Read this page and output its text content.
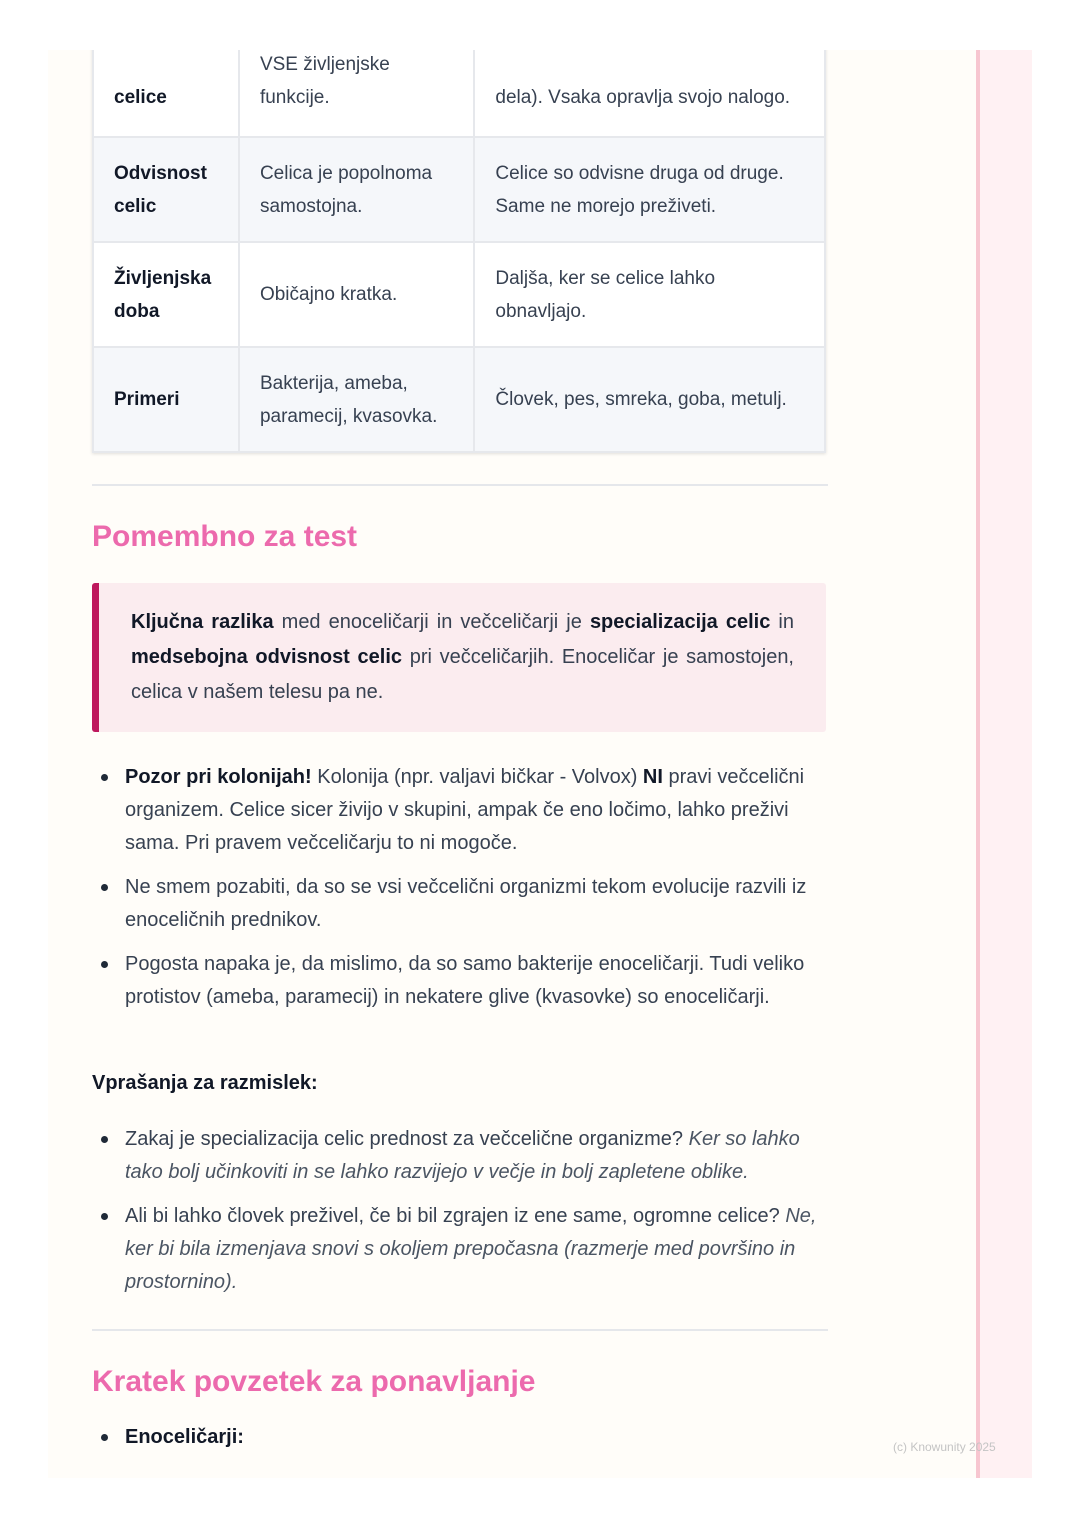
celice	VSE življenjske funkcije.	dela). Vsaka opravlja svojo nalogo.
Odvisnost celic	Celica je popolnoma samostojna.	Celice so odvisne druga od druge. Same ne morejo preživeti.
Življenjska doba	Običajno kratka.	Daljša, ker se celice lahko obnavljajo.
Primeri	Bakterija, ameba, paramecij, kvasovka.	Človek, pes, smreka, goba, metulj.
Pomembno za test

Ključna razlika med enoceličarji in večceličarji je specializacija celic in medsebojna odvisnost celic pri večceličarjih. Enoceličar je samostojen, celica v našem telesu pa ne.

Pozor pri kolonijah! Kolonija (npr. valjavi bičkar - Volvox) NI pravi večcelični organizem. Celice sicer živijo v skupini, ampak če eno ločimo, lahko preživi sama. Pri pravem večceličarju to ni mogoče.
Ne smem pozabiti, da so se vsi večcelični organizmi tekom evolucije razvili iz enoceličnih prednikov.
Pogosta napaka je, da mislimo, da so samo bakterije enoceličarji. Tudi veliko protistov (ameba, paramecij) in nekatere glive (kvasovke) so enoceličarji.

Vprašanja za razmislek:

Zakaj je specializacija celic prednost za večcelične organizme? Ker so lahko tako bolj učinkoviti in se lahko razvijejo v večje in bolj zapletene oblike.
Ali bi lahko človek preživel, če bi bil zgrajen iz ene same, ogromne celice? Ne, ker bi bila izmenjava snovi s okoljem prepočasna (razmerje med površino in prostornino).
Kratek povzetek za ponavljanje
Enoceličarji:	(c) Knowunity 2025
